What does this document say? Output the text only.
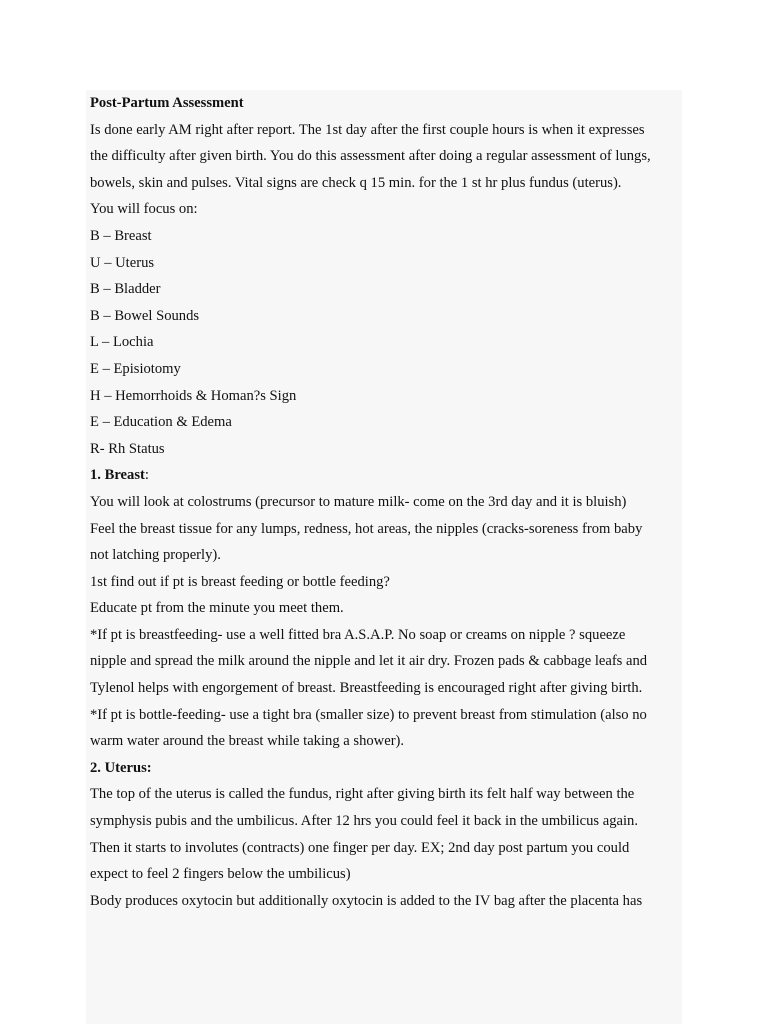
Post-Partum Assessment
Is done early AM right after report. The 1st day after the first couple hours is when it expresses
the difficulty after given birth. You do this assessment after doing a regular assessment of lungs,
bowels, skin and pulses. Vital signs are check q 15 min. for the 1 st hr plus fundus (uterus).
You will focus on:
B – Breast
U – Uterus
B – Bladder
B – Bowel Sounds
L – Lochia
E – Episiotomy
H – Hemorrhoids & Homan?s Sign
E – Education & Edema
R- Rh Status
1. Breast:
You will look at colostrums (precursor to mature milk- come on the 3rd day and it is bluish)
Feel the breast tissue for any lumps, redness, hot areas, the nipples (cracks-soreness from baby
not latching properly).
1st find out if pt is breast feeding or bottle feeding?
Educate pt from the minute you meet them.
*If pt is breastfeeding- use a well fitted bra A.S.A.P. No soap or creams on nipple ? squeeze
nipple and spread the milk around the nipple and let it air dry. Frozen pads & cabbage leafs and
Tylenol helps with engorgement of breast. Breastfeeding is encouraged right after giving birth.
*If pt is bottle-feeding- use a tight bra (smaller size) to prevent breast from stimulation (also no
warm water around the breast while taking a shower).
2. Uterus:
The top of the uterus is called the fundus, right after giving birth its felt half way between the
symphysis pubis and the umbilicus. After 12 hrs you could feel it back in the umbilicus again.
Then it starts to involutes (contracts) one finger per day. EX; 2nd day post partum you could
expect to feel 2 fingers below the umbilicus)
Body produces oxytocin but additionally oxytocin is added to the IV bag after the placenta has
